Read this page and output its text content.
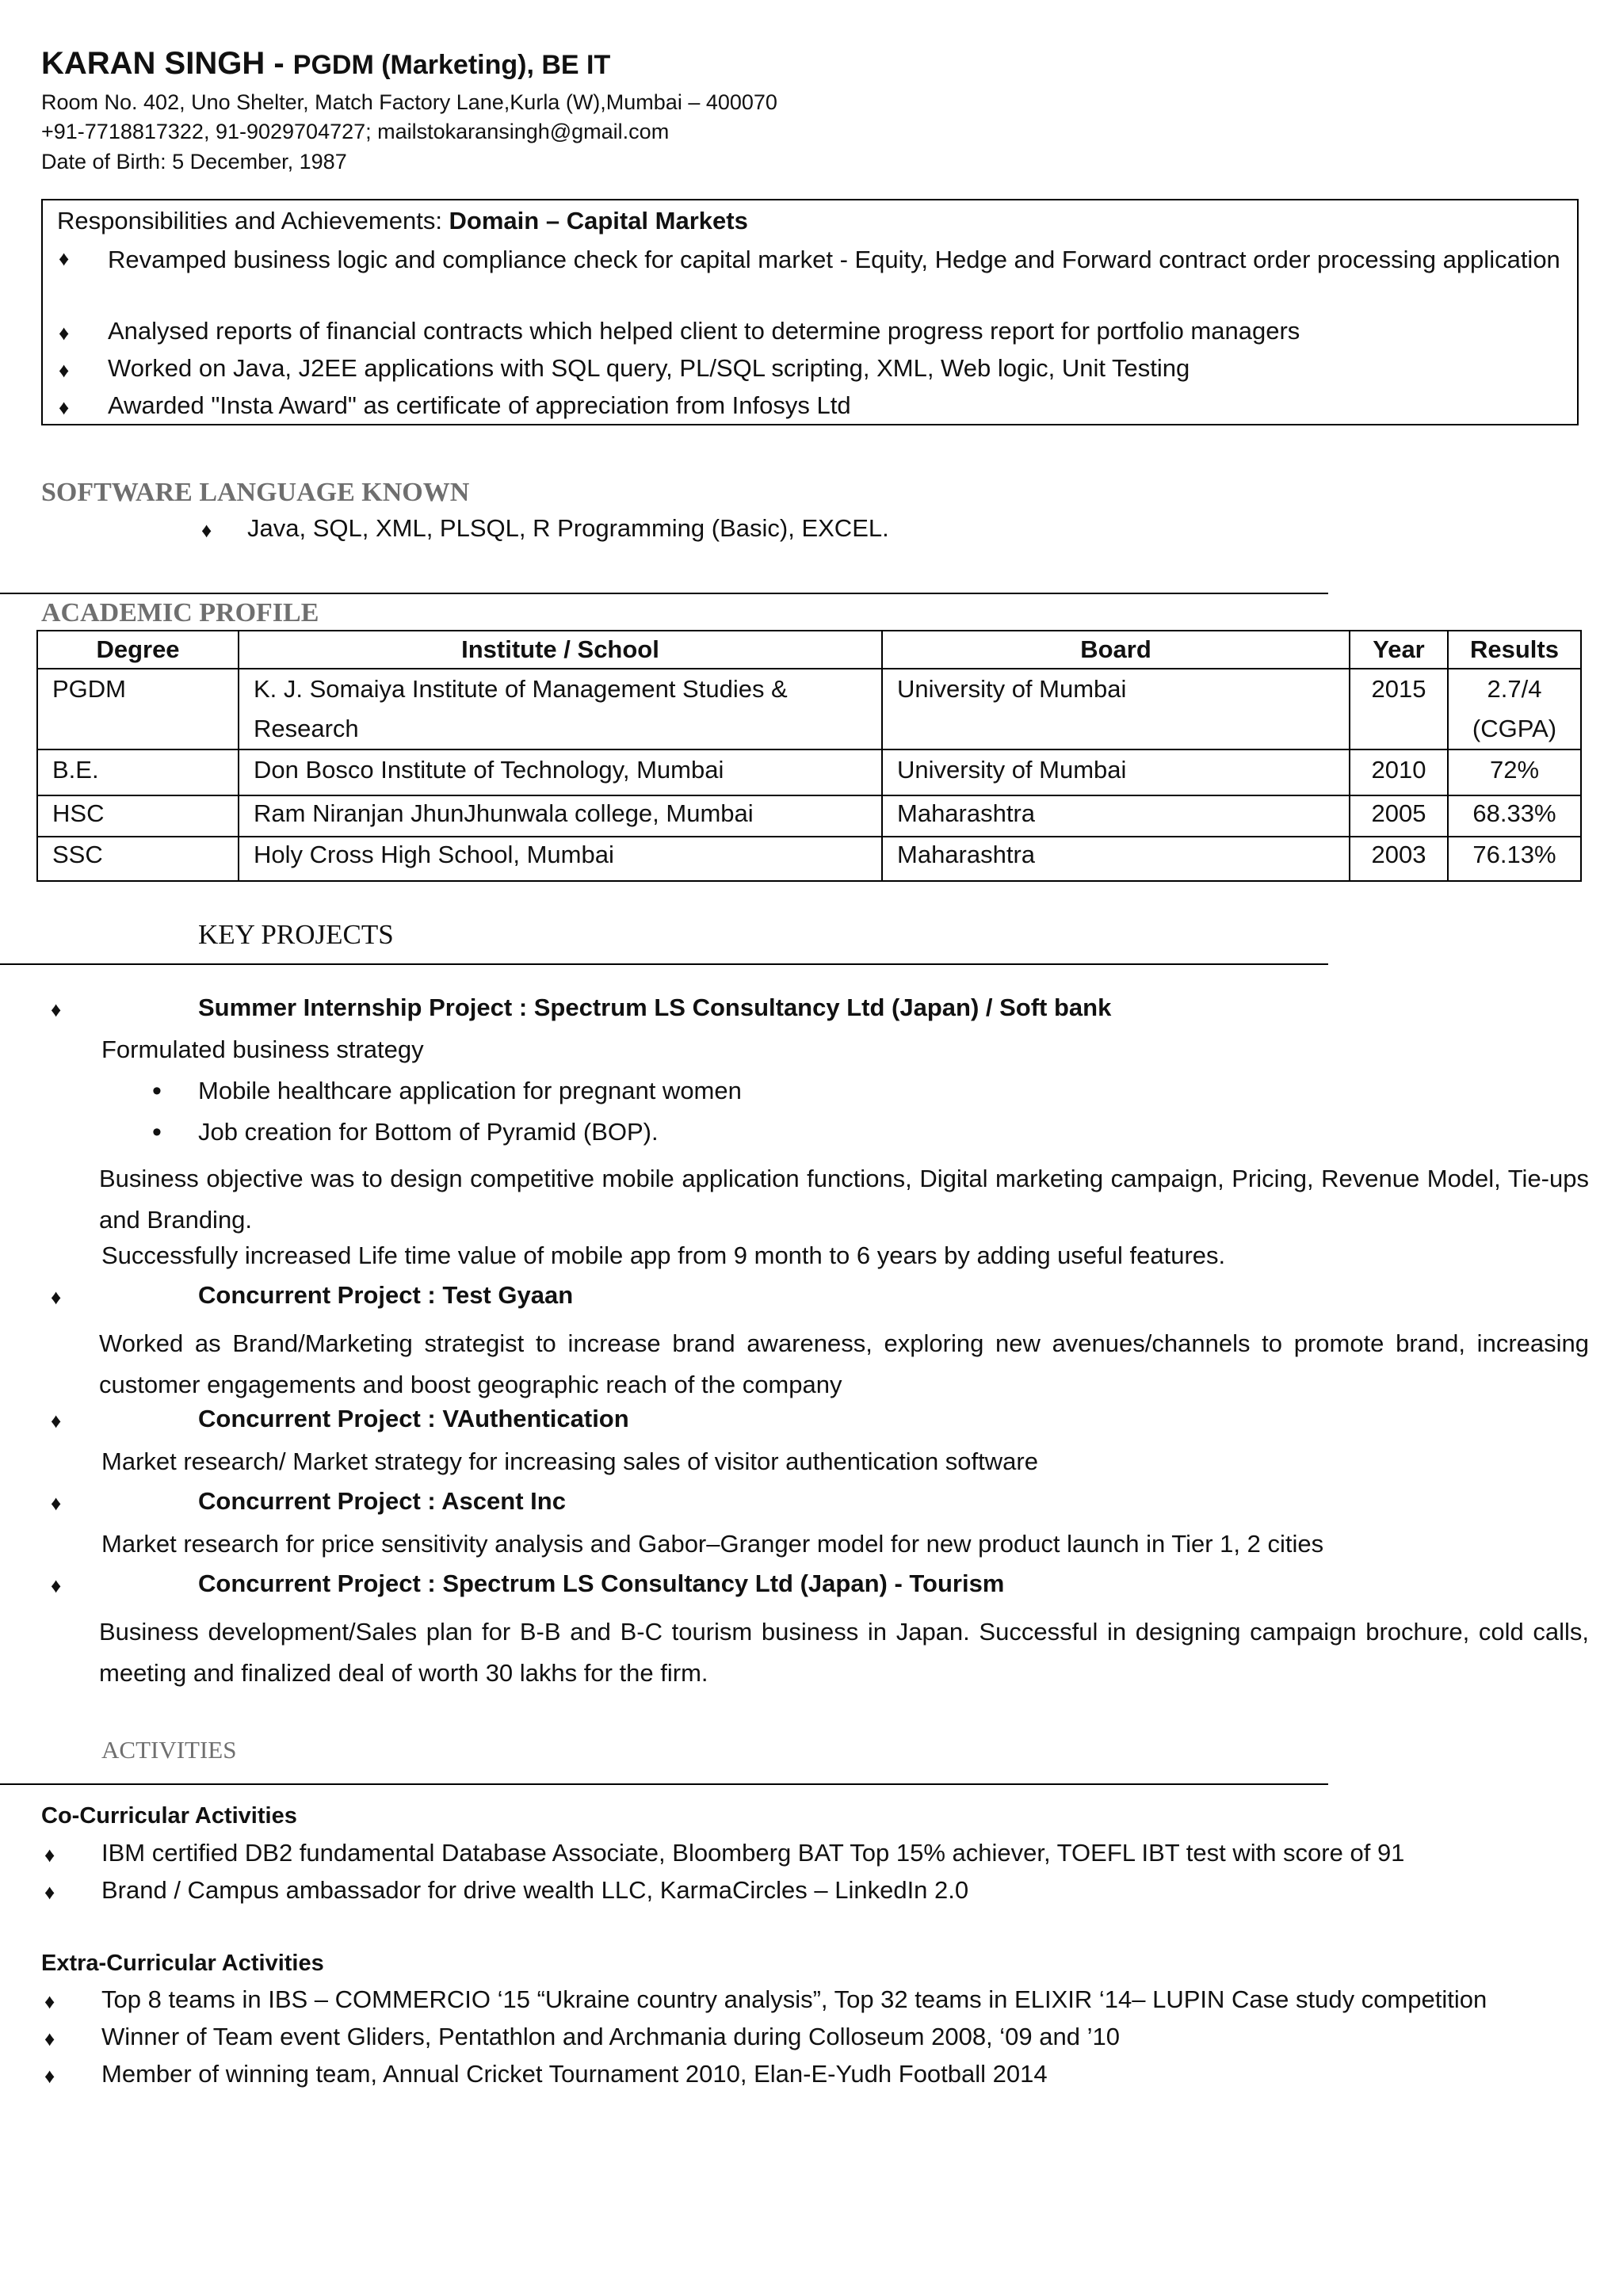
KARAN SINGH - PGDM (Marketing), BE IT
Room No. 402, Uno Shelter, Match Factory Lane,Kurla (W),Mumbai – 400070
+91-7718817322, 91-9029704727; mailstokaransingh@gmail.com
Date of Birth: 5 December, 1987
Responsibilities and Achievements: Domain – Capital Markets
♦ Revamped business logic and compliance check for capital market - Equity, Hedge and Forward contract order processing application
♦ Analysed reports of financial contracts which helped client to determine progress report for portfolio managers
♦ Worked on Java, J2EE applications with SQL query, PL/SQL scripting, XML, Web logic, Unit Testing
♦ Awarded "Insta Award" as certificate of appreciation from Infosys Ltd
SOFTWARE LANGUAGE KNOWN
♦ Java, SQL, XML, PLSQL, R Programming (Basic), EXCEL.
ACADEMIC PROFILE
Degree	Institute / School	Board	Year	Results
PGDM	K. J. Somaiya Institute of Management Studies & Research	University of Mumbai	2015	2.7/4 (CGPA)
B.E.	Don Bosco Institute of Technology, Mumbai	University of Mumbai	2010	72%
HSC	Ram Niranjan JhunJhunwala college, Mumbai	Maharashtra	2005	68.33%
SSC	Holy Cross High School, Mumbai	Maharashtra	2003	76.13%
KEY PROJECTS
♦	Summer Internship Project : Spectrum LS Consultancy Ltd (Japan) / Soft bank
Formulated business strategy
• Mobile healthcare application for pregnant women
• Job creation for Bottom of Pyramid (BOP).
Business objective was to design competitive mobile application functions, Digital marketing campaign, Pricing, Revenue Model, Tie-ups and Branding.
Successfully increased Life time value of mobile app from 9 month to 6 years by adding useful features.
♦	Concurrent Project : Test Gyaan
Worked as Brand/Marketing strategist to increase brand awareness, exploring new avenues/channels to promote brand, increasing customer engagements and boost geographic reach of the company
♦	Concurrent Project : VAuthentication
Market research/ Market strategy for increasing sales of visitor authentication software
♦	Concurrent Project : Ascent Inc
Market research for price sensitivity analysis and Gabor–Granger model for new product launch in Tier 1, 2 cities
♦	Concurrent Project : Spectrum LS Consultancy Ltd (Japan) - Tourism
Business development/Sales plan for B-B and B-C tourism business in Japan. Successful in designing campaign brochure, cold calls, meeting and finalized deal of worth 30 lakhs for the firm.
ACTIVITIES
Co-Curricular Activities
♦ IBM certified DB2 fundamental Database Associate, Bloomberg BAT Top 15% achiever, TOEFL IBT test with score of 91
♦ Brand / Campus ambassador for drive wealth LLC, KarmaCircles – LinkedIn 2.0
Extra-Curricular Activities
♦ Top 8 teams in IBS – COMMERCIO ‘15 “Ukraine country analysis”, Top 32 teams in ELIXIR ‘14– LUPIN Case study competition
♦ Winner of Team event Gliders, Pentathlon and Archmania during Colloseum 2008, ‘09 and ’10
♦ Member of winning team, Annual Cricket Tournament 2010, Elan-E-Yudh Football 2014
